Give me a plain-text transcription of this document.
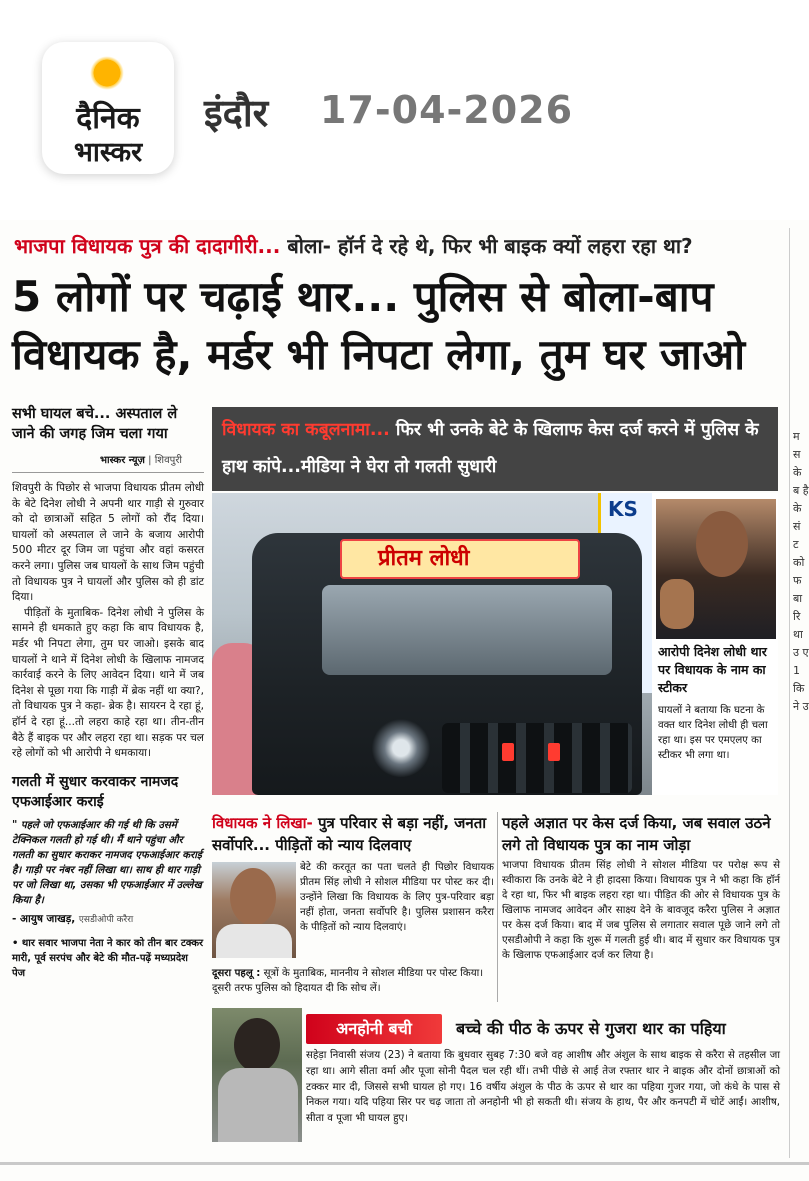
दैनिक
भास्कर
इंदौर 17-04-2026
म स के ब है के सं ट को फ बा रि था उ ए 1 कि ने उ
भाजपा विधायक पुत्र की दादागीरी... बोला- हॉर्न दे रहे थे, फिर भी बाइक क्यों लहरा रहा था?
5 लोगों पर चढ़ाई थार... पुलिस से बोला-बाप
विधायक है, मर्डर भी निपटा लेगा, तुम घर जाओ
सभी घायल बचे... अस्पताल ले जाने की जगह जिम चला गया
भास्कर न्यूज़ | शिवपुरी

शिवपुरी के पिछोर से भाजपा विधायक प्रीतम लोधी के बेटे दिनेश लोधी ने अपनी थार गाड़ी से गुरुवार को दो छात्राओं सहित 5 लोगों को रौंद दिया। घायलों को अस्पताल ले जाने के बजाय आरोपी 500 मीटर दूर जिम जा पहुंचा और वहां कसरत करने लगा। पुलिस जब घायलों के साथ जिम पहुंची तो विधायक पुत्र ने घायलों और पुलिस को ही डांट दिया।

पीड़ितों के मुताबिक- दिनेश लोधी ने पुलिस के सामने ही धमकाते हुए कहा कि बाप विधायक है, मर्डर भी निपटा लेगा, तुम घर जाओ। इसके बाद घायलों ने थाने में दिनेश लोधी के खिलाफ नामजद कार्रवाई करने के लिए आवेदन दिया। थाने में जब दिनेश से पूछा गया कि गाड़ी में ब्रेक नहीं था क्या?, तो विधायक पुत्र ने कहा- ब्रेक है। सायरन दे रहा हूं, हॉर्न दे रहा हूं...तो लहरा काहे रहा था। तीन-तीन बैठे हैं बाइक पर और लहरा रहा था। सड़क पर चल रहे लोगों को भी आरोपी ने धमकाया।

गलती में सुधार करवाकर नामजद एफआईआर कराई

" पहले जो एफआईआर की गई थी कि उसमें टेक्निकल गलती हो गई थी। मैं थाने पहुंचा और गलती का सुधार कराकर नामजद एफआईआर कराई है। गाड़ी पर नंबर नहीं लिखा था। साथ ही थार गाड़ी पर जो लिखा था, उसका भी एफआईआर में उल्लेख किया है।

- आयुष जाखड़, एसडीओपी करैरा

• थार सवार भाजपा नेता ने कार को तीन बार टक्कर मारी, पूर्व सरपंच और बेटे की मौत-पढ़ें मध्यप्रदेश पेज

विधायक का कबूलनामा... फिर भी उनके बेटे के खिलाफ केस दर्ज करने में पुलिस के हाथ कांपे...मीडिया ने घेरा तो गलती सुधारी
KS
प्रीतम लोधी
आरोपी दिनेश लोधी थार पर विधायक के नाम का स्टीकर
घायलों ने बताया कि घटना के वक्त थार दिनेश लोधी ही चला रहा था। इस पर एमएलए का स्टीकर भी लगा था।
विधायक ने लिखा- पुत्र परिवार से बड़ा नहीं, जनता सर्वोपरि... पीड़ितों को न्याय दिलवाए

बेटे की करतूत का पता चलते ही पिछोर विधायक प्रीतम सिंह लोधी ने सोशल मीडिया पर पोस्ट कर दी। उन्होंने लिखा कि विधायक के लिए पुत्र-परिवार बड़ा नहीं होता, जनता सर्वोपरि है। पुलिस प्रशासन करैरा के पीड़ितों को न्याय दिलवाएं।

दूसरा पहलू : सूत्रों के मुताबिक, माननीय ने सोशल मीडिया पर पोस्ट किया। दूसरी तरफ पुलिस को हिदायत दी कि सोच लें।

पहले अज्ञात पर केस दर्ज किया, जब सवाल उठने लगे तो विधायक पुत्र का नाम जोड़ा

भाजपा विधायक प्रीतम सिंह लोधी ने सोशल मीडिया पर परोक्ष रूप से स्वीकारा कि उनके बेटे ने ही हादसा किया। विधायक पुत्र ने भी कहा कि हॉर्न दे रहा था, फिर भी बाइक लहरा रहा था। पीड़ित की ओर से विधायक पुत्र के खिलाफ नामजद आवेदन और साक्ष्य देने के बावजूद करैरा पुलिस ने अज्ञात पर केस दर्ज किया। बाद में जब पुलिस से लगातार सवाल पूछे जाने लगे तो एसडीओपी ने कहा कि शुरू में गलती हुई थी। बाद में सुधार कर विधायक पुत्र के खिलाफ एफआईआर दर्ज कर लिया है।

अनहोनी बची	बच्चे की पीठ के ऊपर से गुजरा थार का पहिया

सहेड़ा निवासी संजय (23) ने बताया कि बुधवार सुबह 7:30 बजे वह आशीष और अंशुल के साथ बाइक से करैरा से तहसील जा रहा था। आगे सीता वर्मा और पूजा सोनी पैदल चल रही थीं। तभी पीछे से आई तेज रफ्तार थार ने बाइक और दोनों छात्राओं को टक्कर मार दी, जिससे सभी घायल हो गए। 16 वर्षीय अंशुल के पीठ के ऊपर से थार का पहिया गुजर गया, जो कंधे के पास से निकल गया। यदि पहिया सिर पर चढ़ जाता तो अनहोनी भी हो सकती थी। संजय के हाथ, पैर और कनपटी में चोटें आईं। आशीष, सीता व पूजा भी घायल हुए।
